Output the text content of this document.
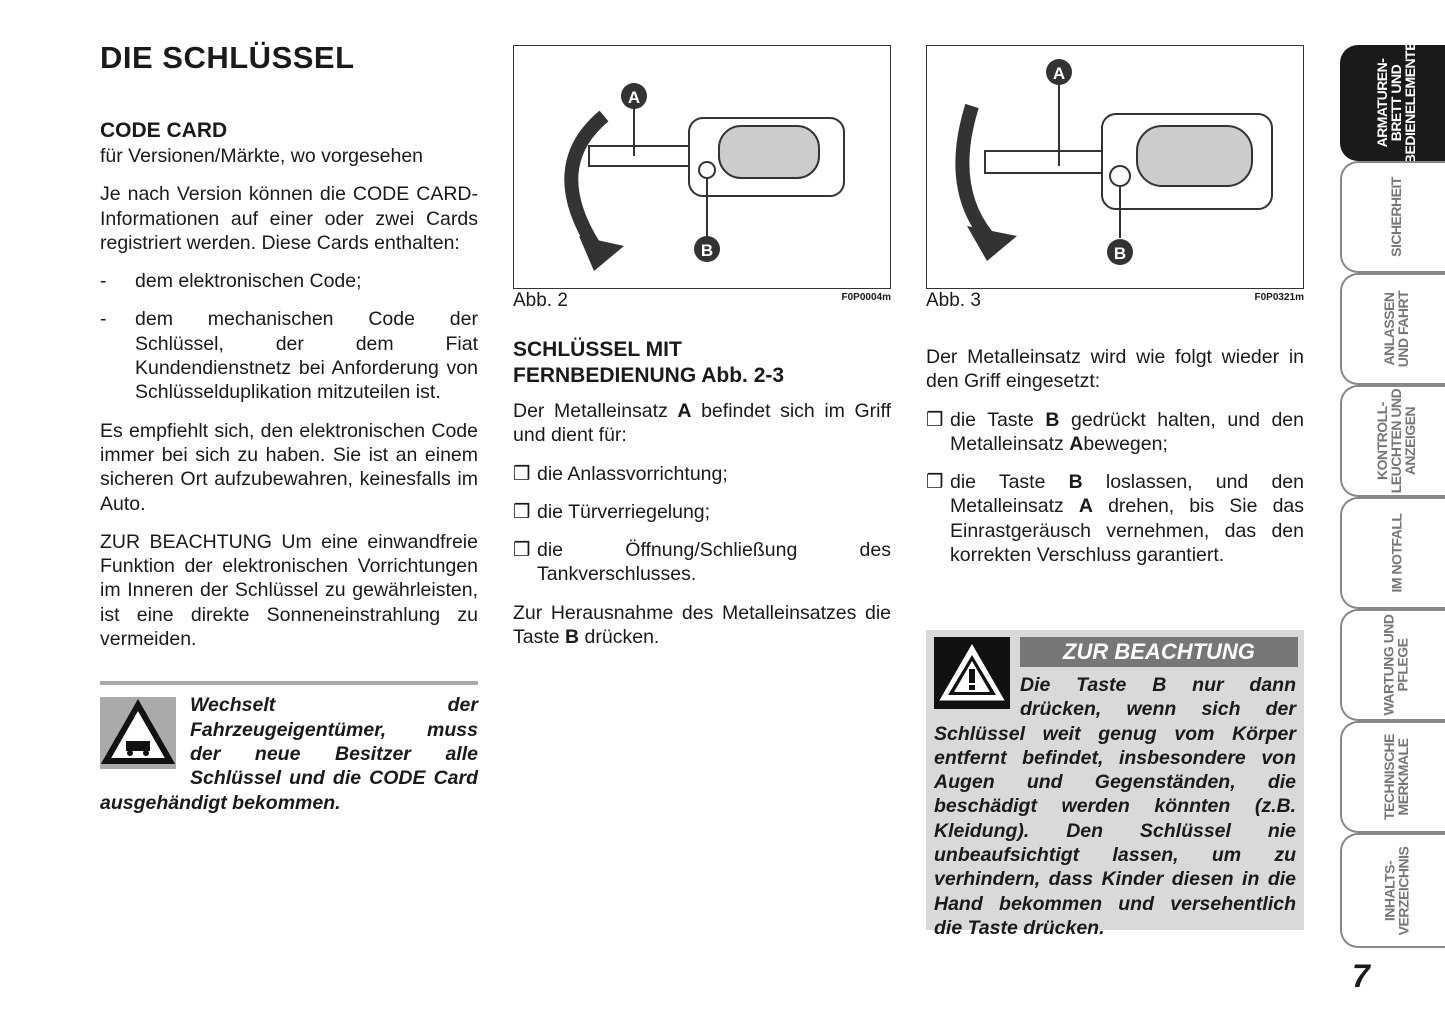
DIE SCHLÜSSEL
CODE CARD

für Versionen/Märkte, wo vorgesehen

Je nach Version können die CODE CARD-Informationen auf einer oder zwei Cards registriert werden. Diese Cards enthalten:

-	dem elektronischen Code;
-	dem mechanischen Code der Schlüssel, der dem Fiat Kundendienstnetz bei Anforderung von Schlüsselduplikation mitzuteilen ist.

Es empfiehlt sich, den elektronischen Code immer bei sich zu haben. Sie ist an einem sicheren Ort aufzubewahren, keinesfalls im Auto.

ZUR BEACHTUNG Um eine einwandfreie Funktion der elektronischen Vorrichtungen im Inneren der Schlüssel zu gewährleisten, ist eine direkte Sonneneinstrahlung zu vermeiden.

Wechselt der Fahrzeugeigentümer, muss der neue Besitzer alle Schlüssel und die CODE Card ausgehändigt bekommen.
A
B
Abb. 2	F0P0004m
A
B
Abb. 3	F0P0321m
SCHLÜSSEL MIT
FERNBEDIENUNG Abb. 2-3

Der Metalleinsatz A befindet sich im Griff und dient für:

❒ die Anlassvorrichtung;
❒ die Türverriegelung;
❒ die Öffnung/Schließung des Tankverschlusses.

Zur Herausnahme des Metalleinsatzes die Taste B drücken.

Der Metalleinsatz wird wie folgt wieder in den Griff eingesetzt:

❒ die Taste B gedrückt halten, und den Metalleinsatz Abewegen;
❒ die Taste B loslassen, und den Metalleinsatz A drehen, bis Sie das Einrastgeräusch vernehmen, das den korrekten Verschluss garantiert.
ZUR BEACHTUNG
Die Taste B nur dann drücken, wenn sich der Schlüssel weit genug vom Körper entfernt befindet, insbesondere von Augen und Gegenständen, die beschädigt werden könnten (z.B. Kleidung). Den Schlüssel nie unbeaufsichtigt lassen, um zu verhindern, dass Kinder diesen in die Hand bekommen und versehentlich die Taste drücken.
ARMATUREN-
BRETT UND
BEDIENELEMENTE
SICHERHEIT
ANLASSEN
UND FAHRT
KONTROLL-
LEUCHTEN UND
ANZEIGEN
IM NOTFALL
WARTUNG UND
PFLEGE
TECHNISCHE
MERKMALE
INHALTS-
VERZEICHNIS
7
